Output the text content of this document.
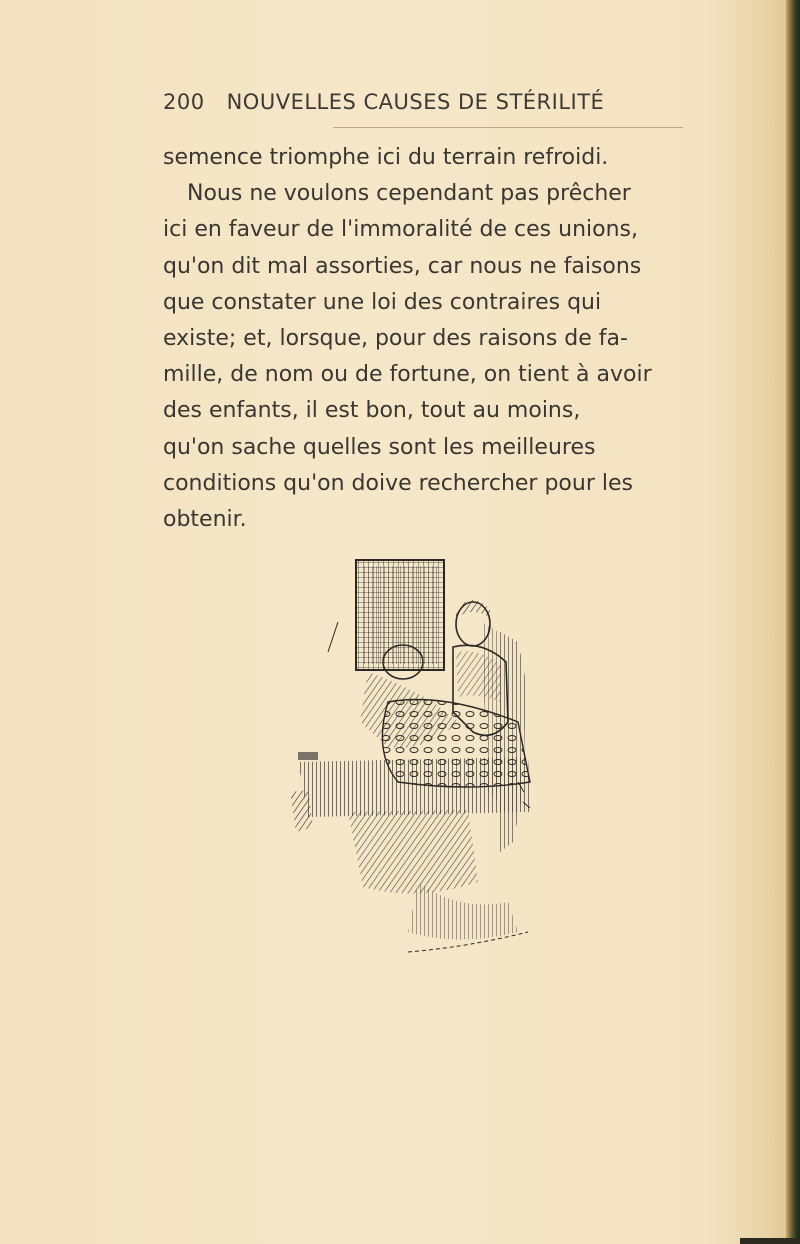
200 NOUVELLES CAUSES DE STÉRILITÉ
semence triomphe ici du terrain refroidi.
Nous ne voulons cependant pas prêcher
ici en faveur de l'immoralité de ces unions,
qu'on dit mal assorties, car nous ne faisons
que constater une loi des contraires qui
existe; et, lorsque, pour des raisons de fa-
mille, de nom ou de fortune, on tient à avoir
des enfants, il est bon, tout au moins,
qu'on sache quelles sont les meilleures
conditions qu'on doive rechercher pour les
obtenir.
